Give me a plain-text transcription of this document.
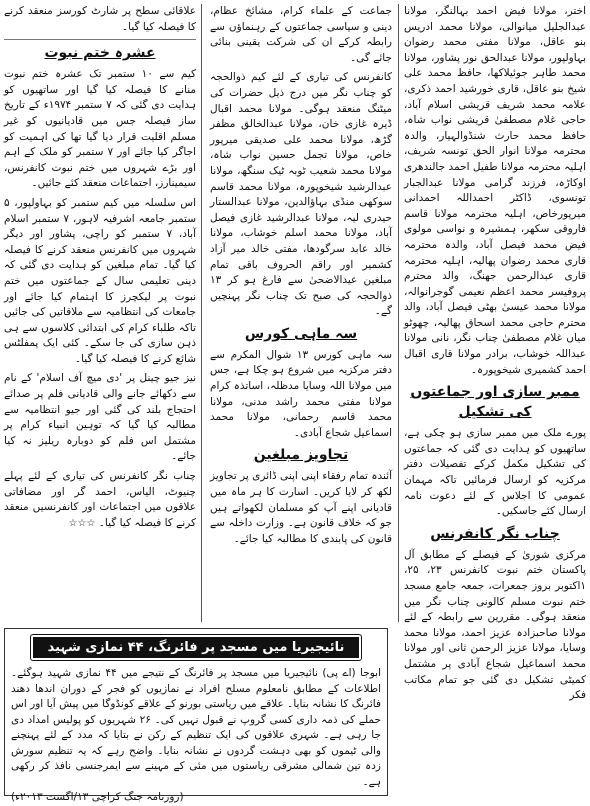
اختر، مولانا فیض احمد بہالنگر، مولانا عبدالجلیل میانوالی، مولانا محمد ادریس بنو عاقل، مولانا مفتی محمد رضوان بہاولپور، مولانا عبدالحق نور پشاور، مولانا محمد طاہر جوئیلاکھا، حافظ محمد علی شیخ بنو عاقل، قاری خورشید احمد ذکری، علامہ محمد شریف قریشی اسلام آباد، حاجی غلام مصطفیٰ قریشی نواب شاہ، حافظ محمد حارث شنڈوالہیار، والدہ محترمہ مولانا انوار الحق تونسہ شریف، اہلیہ محترمہ مولانا طفیل احمد جالندھری اوکاڑہ، فرزند گرامی مولانا عبدالجبار تونسوی، ڈاکٹر احمداللہ احمدانی میرپورخاص، اہلیہ محترمہ مولانا قاسم فاروقی سکھر، ہمشیرہ و نواسی مولوی فیض محمد فیصل آباد، والدہ محترمہ قاری محمد رضوان پھالیہ، اہلیہ محترمہ قاری عبدالرحمن جھنگ، والد محترم پروفیسر محمد اعظم نعیمی گوجرانوالہ، مولانا محمد عیسیٰ بھٹی فیصل آباد، والد محترم حاجی محمد اسحاق پھالیہ، چھوٹو میاں غلام مصطفیٰ چناب نگر، نانی مولانا عبداللہ خوشاب، برادر مولانا قاری اقبال احمد کشمیری شیخوپورہ۔

ممبر سازی اور جماعتوں کی تشکیل

پورے ملک میں ممبر سازی ہو چکی ہے، ساتھیوں کو ہدایت دی گئی کہ جماعتوں کی تشکیل مکمل کرکے تفصیلات دفتر مرکزیہ کو ارسال فرمائیں تاکہ مہمان عمومی کا اجلاس کے لئے دعوت نامہ ارسال کئے جاسکیں۔

چناب نگر کانفرنس

مرکزی شوریٰ کے فیصلے کے مطابق آل پاکستان ختم نبوت کانفرنس ۲۳، ۲۵، ۱اکتوبر بروز جمعرات، جمعہ جامع مسجد ختم نبوت مسلم کالونی چناب نگر میں منعقد ہوگی۔ مقررین سے رابطہ کے لئے مولانا صاحبزادہ عزیز احمد، مولانا محمد وسایا، مولانا عزیز الرحمن ثانی اور مولانا محمد اسماعیل شجاع آبادی پر مشتمل کمیٹی تشکیل دی گئی جو تمام مکاتب فکر

جماعت کے علماء کرام، مشائخ عظام، دینی و سیاسی جماعتوں کے رہنماؤں سے رابطہ کرکے ان کی شرکت یقینی بنائی جائے گی۔

کانفرنس کی تیاری کے لئے کیم ذوالحجہ کو چناب نگر میں درج ذیل حضرات کی میٹنگ منعقد ہوگی۔ مولانا محمد اقبال ڈیرہ غازی خان، مولانا عبدالخالق مظفر گڑھ، مولانا محمد علی صدیقی میرپور خاص، مولانا تجمل حسین نواب شاہ، مولانا محمد شعیب ٹوبہ ٹیک سنگھ، مولانا عبدالرشید شیخوپورہ، مولانا محمد قاسم سوکھی منڈی بہاؤالدین، مولانا عبدالستار حیدری لیہ، مولانا عبدالرشید غازی فیصل آباد، مولانا محمد اسلم خوشاب، مولانا خالد عابد سرگودھا، مفتی خالد میر آزاد کشمیر اور راقم الحروف باقی تمام مبلغین عیدالاضحیٰ سے فارغ ہو کر ۱۳ ذوالحجہ کی صبح تک چناب نگر پہنچیں گے۔

سہ ماہی کورس

سہ ماہی کورس ۱۳ شوال المکرم سے دفتر مرکزیہ میں شروع ہو چکا ہے، جس میں مولانا اللہ وسایا مدظلہ، اساتذہ کرام مولانا مفتی محمد راشد مدنی، مولانا محمد قاسم رحمانی، مولانا محمد اسماعیل شجاع آبادی۔

تجاویز مبلغین

آئندہ تمام رفقاء اپنی اپنی ڈائری پر تجاویز لکھ کر لایا کریں۔ اسارت کا ہر ماہ میں قادیانی اپنے آپ کو مسلمان لکھواتے ہیں جو کہ خلاف قانون ہے۔ وزارت داخلہ سے قانون کی پابندی کا مطالبہ کیا جائے۔

علاقائی سطح پر شارٹ کورسز منعقد کرنے کا فیصلہ کیا گیا۔

عشرہ ختم نبوت

کیم سے ۱۰ ستمبر تک عشرہ ختم نبوت منانے کا فیصلہ کیا گیا اور ساتھیوں کو ہدایت دی گئی کہ ۷ ستمبر ۱۹۷۴ء کے تاریخ ساز فیصلہ جس میں قادیانیوں کو غیر مسلم اقلیت قرار دیا گیا تھا کی اہمیت کو اجاگر کیا جائے اور ۷ ستمبر کو ملک کے اہم اور بڑے شہروں میں ختم نبوت کانفرنس، سیمینارز، اجتماعات منعقد کئے جائیں۔

اس سلسلہ میں کیم ستمبر کو بہاولپور، ۵ ستمبر جامعہ اشرفیہ لاہور، ۷ ستمبر اسلام آباد، ۷ ستمبر کو راچی، پشاور اور دیگر شہروں میں کانفرنس منعقد کرنے کا فیصلہ کیا گیا۔ تمام مبلغین کو ہدایت دی گئی کہ دینی تعلیمی سال کے جماعتوں میں ختم نبوت پر لیکچرز کا اہتمام کیا جائے اور جامعات کی انتظامیہ سے ملاقاتیں کی جائیں تاکہ طلباء کرام کی ابتدائی کلاسوں سے ہی ذہن سازی کی جا سکے۔ کئی ایک پمفلٹس شائع کرنے کا فیصلہ کیا گیا۔

نیز جیو چینل پر 'دی میچ آف اسلام' کے نام سے دکھائے جانے والی قادیانی فلم پر صدائے احتجاج بلند کی گئی اور جیو انتظامیہ سے مطالبہ کیا گیا کہ توہین انبیاء کرام پر مشتمل اس فلم کو دوبارہ ریلیز نہ کیا جائے۔

چناب نگر کانفرنس کی تیاری کے لئے پہلے چنیوٹ، الیاس، احمد گر اور مضافاتی علاقوں میں اجتماعات اور کانفرنسیں منعقد کرنے کا فیصلہ کیا گیا۔ ☆☆☆

نائیجیریا میں مسجد پر فائرنگ، ۴۴ نمازی شہید

ابوجا (اے پی) نائیجیریا میں مسجد پر فائرنگ کے نتیجے میں ۴۴ نمازی شہید ہوگئے۔ اطلاعات کے مطابق نامعلوم مسلح افراد نے نمازیوں کو فجر کے دوران اندھا دھند فائرنگ کا نشانہ بنایا۔ علاقے میں ریاستی بورنو کے علاقے کونڈوگا میں پیش آیا اور اس حملے کی ذمہ داری کسی گروپ نے قبول نہیں کی۔ ۲۶ شہریوں کو پولیس امداد دی جا رہی ہے۔ شہری علاقوں کی ایک تنظیم کے رکن نے بتایا کہ مدد کے لئے پہنچنے والی ٹیموں کو بھی دہشت گردوں نے نشانہ بنایا۔ واضح رہے کہ یہ تنظیم سورش زدہ تین شمالی مشرقی ریاستوں میں مئی کے مہینے سے ایمرجنسی نافذ کر رکھی ہے۔

(روزنامہ جنگ کراچی ۱۳/اگست ۲۰۱۳ء)
